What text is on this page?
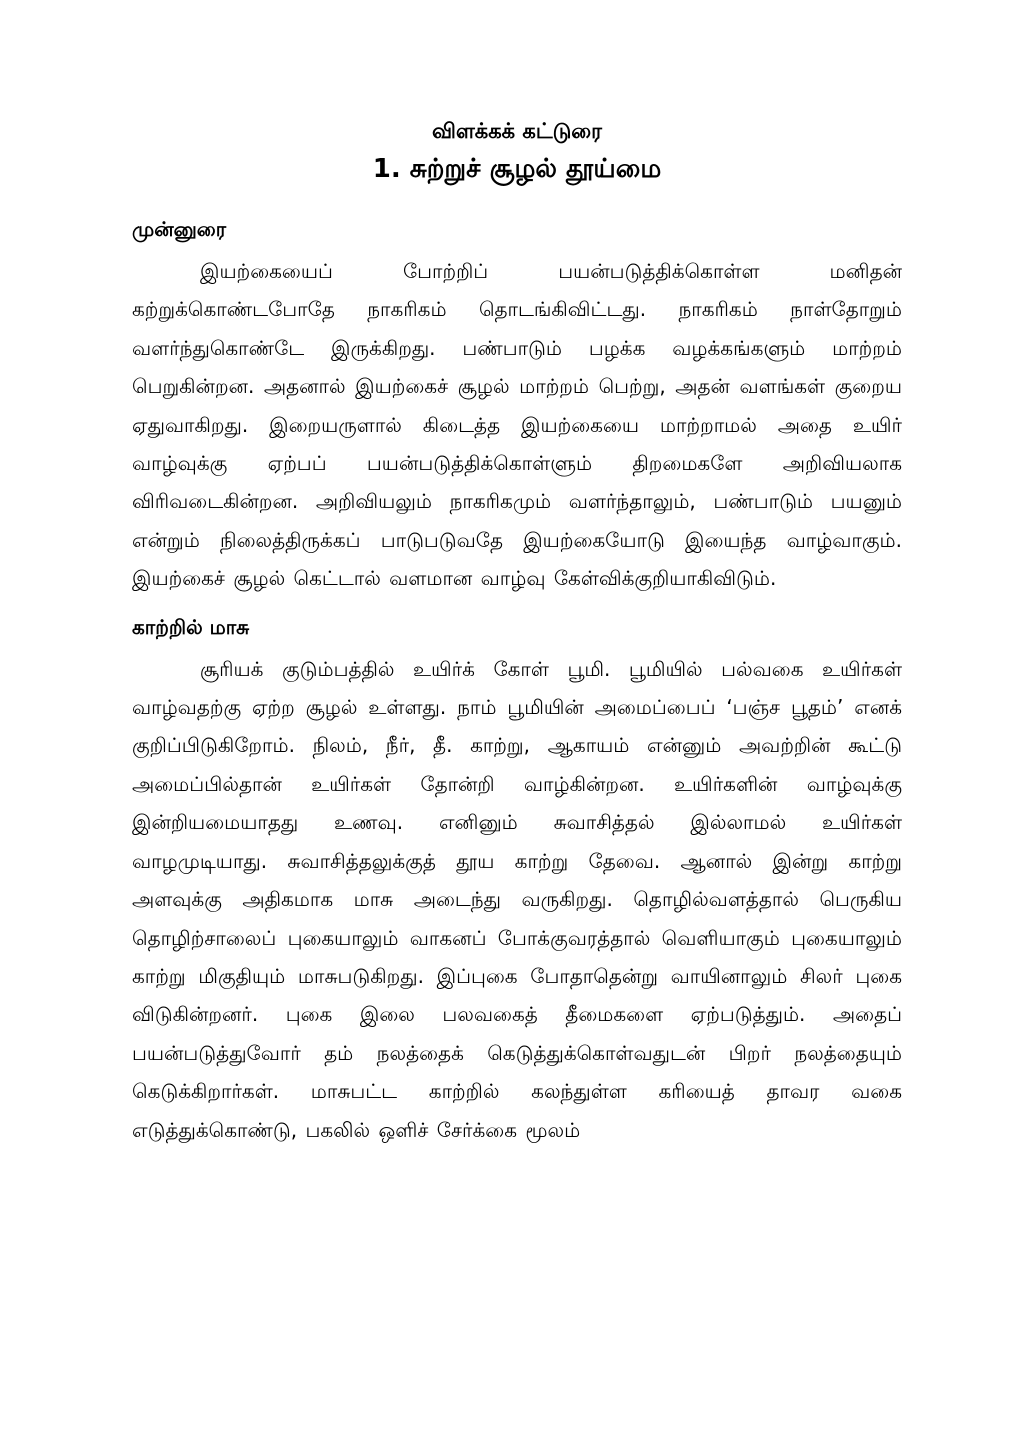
விளக்கக் கட்டுரை
1. சுற்றுச் சூழல் தூய்மை
முன்னுரை

இயற்கையைப் போற்றிப் பயன்படுத்திக்கொள்ள மனிதன் கற்றுக்கொண்டபோதே நாகரிகம் தொடங்கிவிட்டது. நாகரிகம் நாள்தோறும் வளர்ந்துகொண்டே இருக்கிறது. பண்பாடும் பழக்க வழக்கங்களும் மாற்றம் பெறுகின்றன. அதனால் இயற்கைச் சூழல் மாற்றம் பெற்று, அதன் வளங்கள் குறைய ஏதுவாகிறது. இறையருளால் கிடைத்த இயற்கையை மாற்றாமல் அதை உயிர் வாழ்வுக்கு ஏற்பப் பயன்படுத்திக்கொள்ளும் திறமைகளே அறிவியலாக விரிவடைகின்றன. அறிவியலும் நாகரிகமும் வளர்ந்தாலும், பண்பாடும் பயனும் என்றும் நிலைத்திருக்கப் பாடுபடுவதே இயற்கையோடு இயைந்த வாழ்வாகும். இயற்கைச் சூழல் கெட்டால் வளமான வாழ்வு கேள்விக்குறியாகிவிடும்.

காற்றில் மாசு

சூரியக் குடும்பத்தில் உயிர்க் கோள் பூமி. பூமியில் பல்வகை உயிர்கள் வாழ்வதற்கு ஏற்ற சூழல் உள்ளது. நாம் பூமியின் அமைப்பைப் ‘பஞ்ச பூதம்’ எனக் குறிப்பிடுகிறோம். நிலம், நீர், தீ. காற்று, ஆகாயம் என்னும் அவற்றின் கூட்டு அமைப்பில்தான் உயிர்கள் தோன்றி வாழ்கின்றன. உயிர்களின் வாழ்வுக்கு இன்றியமையாதது உணவு. எனினும் சுவாசித்தல் இல்லாமல் உயிர்கள் வாழமுடியாது. சுவாசித்தலுக்குத் தூய காற்று தேவை. ஆனால் இன்று காற்று அளவுக்கு அதிகமாக மாசு அடைந்து வருகிறது. தொழில்வளத்தால் பெருகிய தொழிற்சாலைப் புகையாலும் வாகனப் போக்குவரத்தால் வெளியாகும் புகையாலும் காற்று மிகுதியும் மாசுபடுகிறது. இப்புகை போதாதென்று வாயினாலும் சிலர் புகை விடுகின்றனர். புகை இலை பலவகைத் தீமைகளை ஏற்படுத்தும். அதைப் பயன்படுத்துவோர் தம் நலத்தைக் கெடுத்துக்கொள்வதுடன் பிறர் நலத்தையும் கெடுக்கிறார்கள். மாசுபட்ட காற்றில் கலந்துள்ள கரியைத் தாவர வகை எடுத்துக்கொண்டு, பகலில் ஒளிச் சேர்க்கை மூலம்
